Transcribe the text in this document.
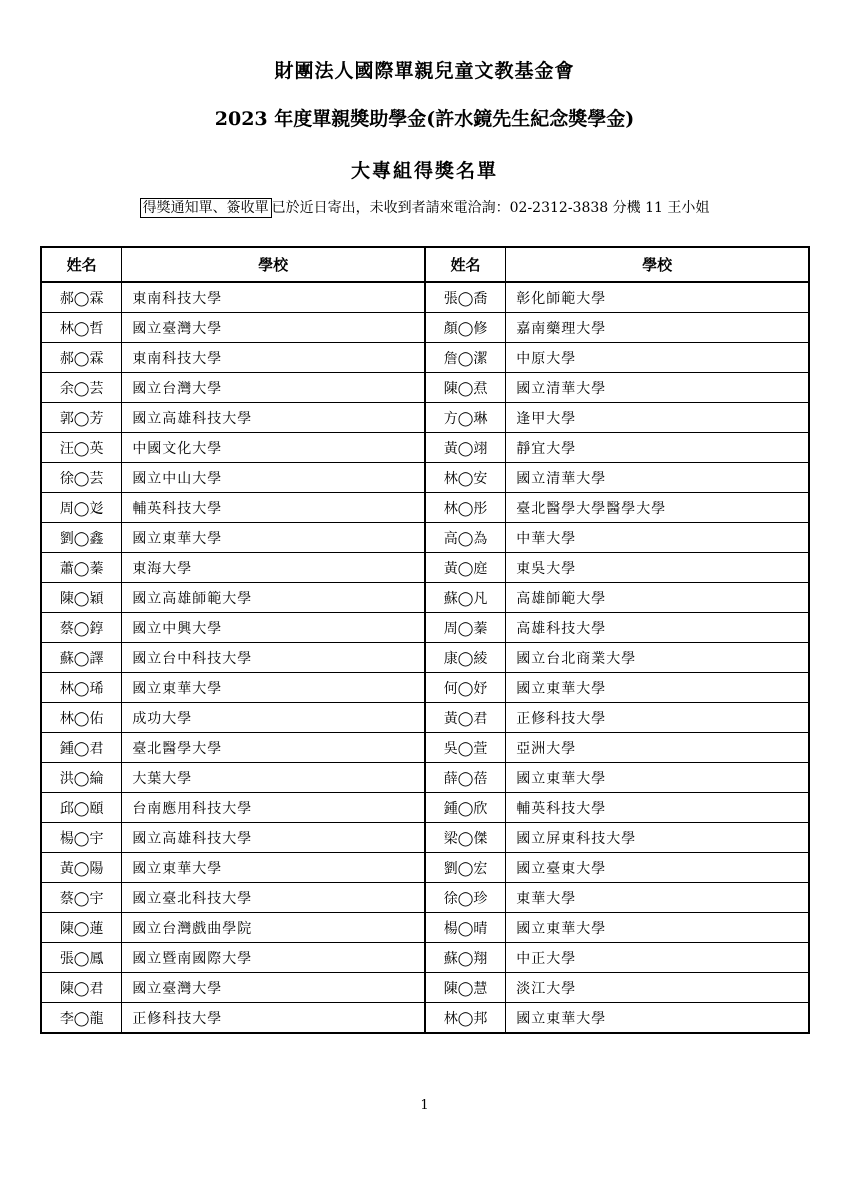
財團法人國際單親兒童文教基金會
2023 年度單親獎助學金(許水鏡先生紀念獎學金)
大專組得獎名單
得獎通知單、簽收單 已於近日寄出，未收到者請來電洽詢：02-2312-3838 分機 11 王小姐
姓名	學校	姓名	學校
郝◯霖	東南科技大學	張◯喬	彰化師範大學
林◯哲	國立臺灣大學	顏◯修	嘉南藥理大學
郝◯霖	東南科技大學	詹◯潔	中原大學
余◯芸	國立台灣大學	陳◯焄	國立清華大學
郭◯芳	國立高雄科技大學	方◯琳	逢甲大學
汪◯英	中國文化大學	黃◯翊	靜宜大學
徐◯芸	國立中山大學	林◯安	國立清華大學
周◯彣	輔英科技大學	林◯彤	臺北醫學大學醫學大學
劉◯鑫	國立東華大學	高◯為	中華大學
蕭◯蓁	東海大學	黃◯庭	東吳大學
陳◯穎	國立高雄師範大學	蘇◯凡	高雄師範大學
蔡◯錞	國立中興大學	周◯蓁	高雄科技大學
蘇◯譯	國立台中科技大學	康◯綾	國立台北商業大學
林◯琋	國立東華大學	何◯妤	國立東華大學
林◯佑	成功大學	黃◯君	正修科技大學
鍾◯君	臺北醫學大學	吳◯萱	亞洲大學
洪◯綸	大葉大學	薛◯蓓	國立東華大學
邱◯頤	台南應用科技大學	鍾◯欣	輔英科技大學
楊◯宇	國立高雄科技大學	梁◯傑	國立屏東科技大學
黃◯陽	國立東華大學	劉◯宏	國立臺東大學
蔡◯宇	國立臺北科技大學	徐◯珍	東華大學
陳◯蓮	國立台灣戲曲學院	楊◯晴	國立東華大學
張◯鳳	國立暨南國際大學	蘇◯翔	中正大學
陳◯君	國立臺灣大學	陳◯慧	淡江大學
李◯龍	正修科技大學	林◯邦	國立東華大學
1
